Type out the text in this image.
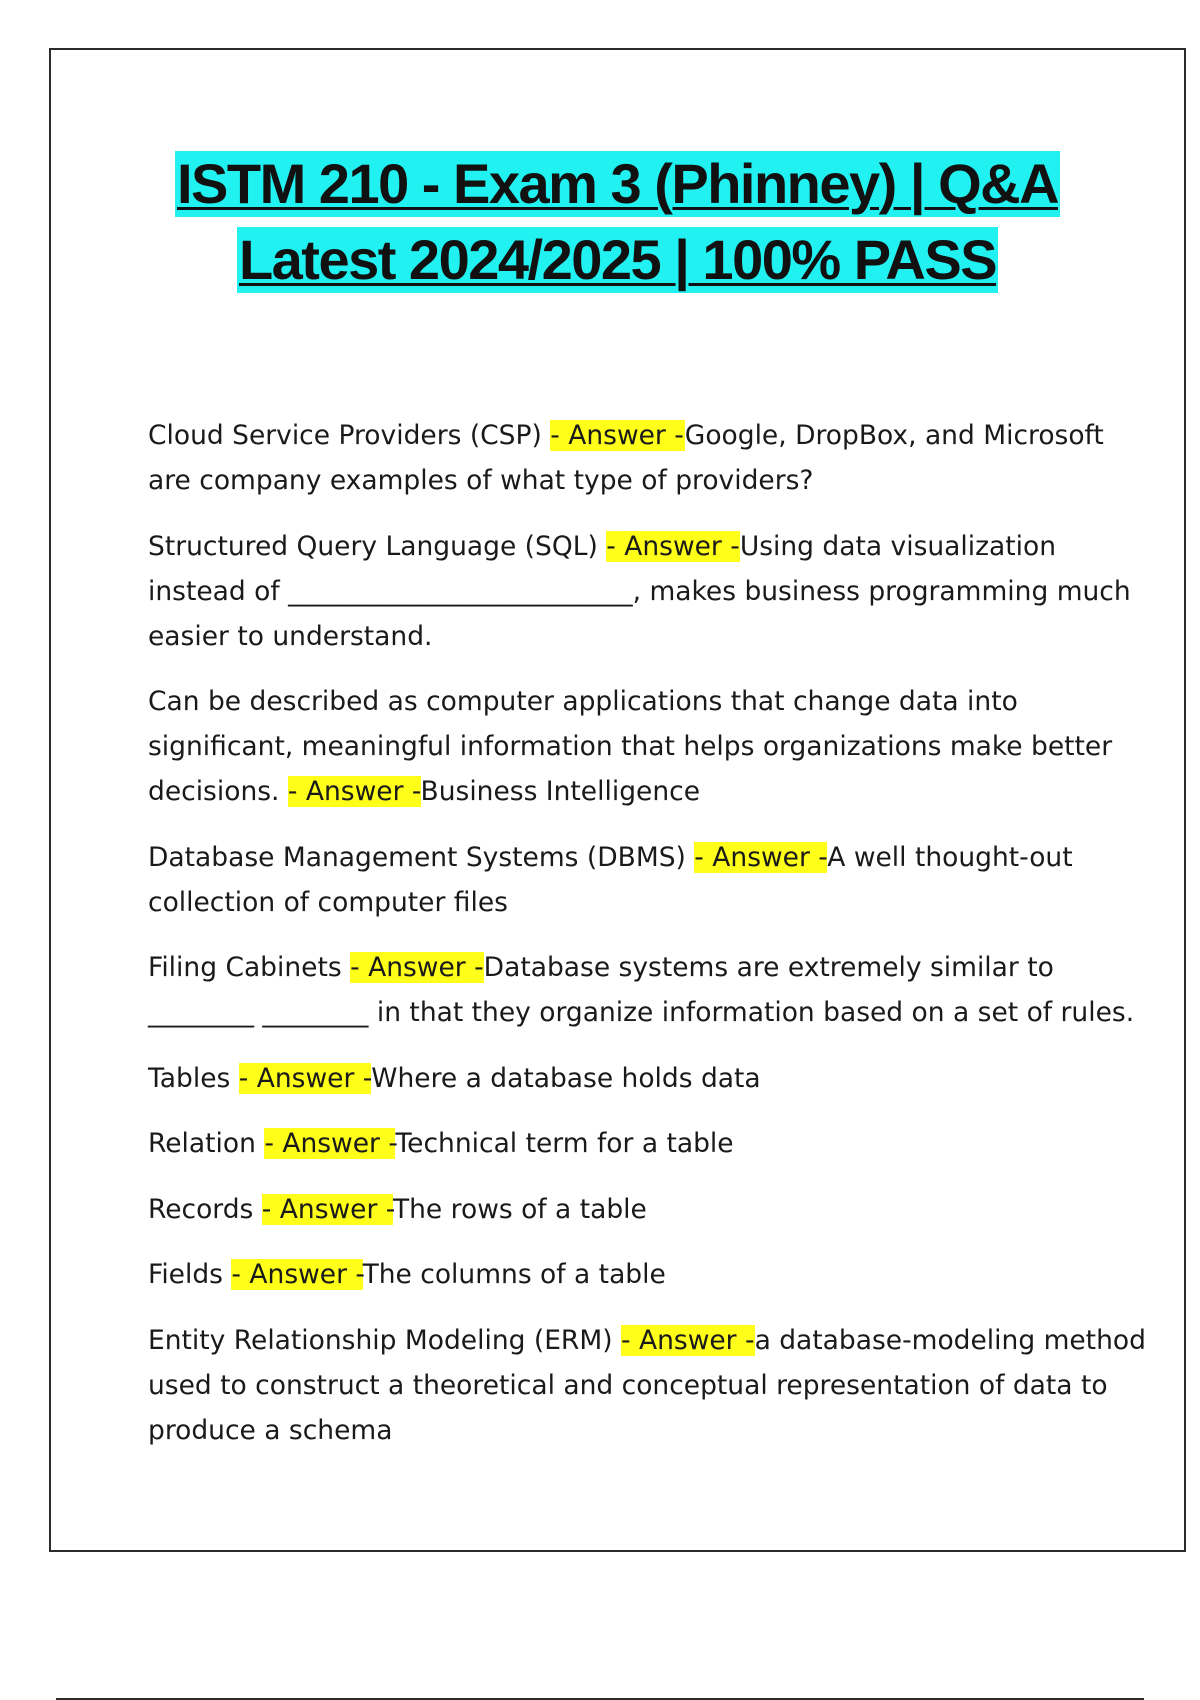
ISTM 210 - Exam 3 (Phinney) | Q&A
Latest 2024/2025 | 100% PASS

Cloud Service Providers (CSP) - Answer -Google, DropBox, and Microsoft are company examples of what type of providers?

Structured Query Language (SQL) - Answer -Using data visualization instead of __________________________, makes business programming much easier to understand.

Can be described as computer applications that change data into significant, meaningful information that helps organizations make better decisions. - Answer -Business Intelligence

Database Management Systems (DBMS) - Answer -A well thought-out collection of computer files

Filing Cabinets - Answer -Database systems are extremely similar to ________ ________ in that they organize information based on a set of rules.

Tables - Answer -Where a database holds data

Relation - Answer -Technical term for a table

Records - Answer -The rows of a table

Fields - Answer -The columns of a table

Entity Relationship Modeling (ERM) - Answer -a database-modeling method used to construct a theoretical and conceptual representation of data to produce a schema
